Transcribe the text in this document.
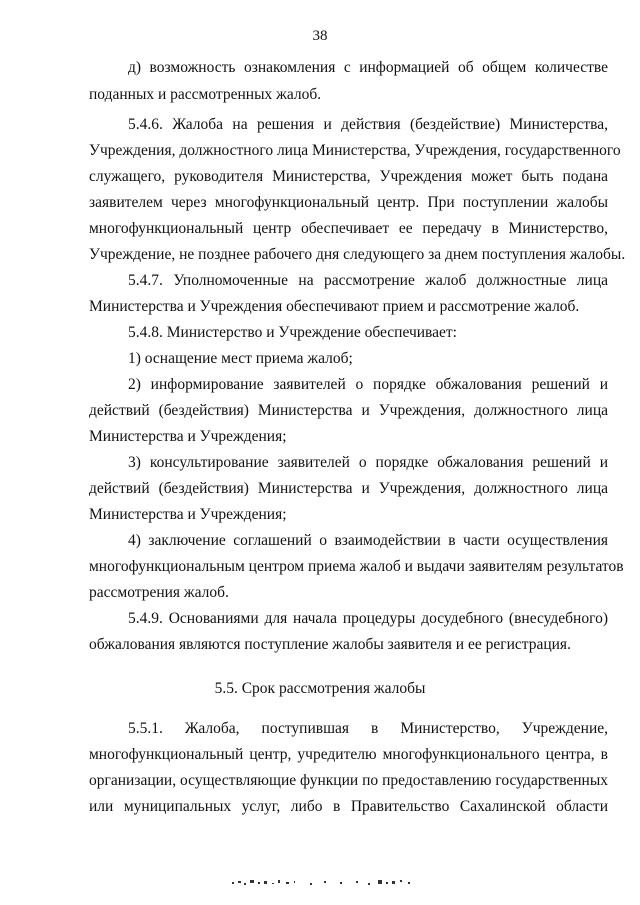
38
д) возможность ознакомления с информацией об общем количестве
поданных и рассмотренных жалоб.
5.4.6. Жалоба на решения и действия (бездействие) Министерства,
Учреждения, должностного лица Министерства, Учреждения, государственного
служащего, руководителя Министерства, Учреждения может быть подана
заявителем через многофункциональный центр. При поступлении жалобы
многофункциональный центр обеспечивает ее передачу в Министерство,
Учреждение, не позднее рабочего дня следующего за днем поступления жалобы.
5.4.7. Уполномоченные на рассмотрение жалоб должностные лица
Министерства и Учреждения обеспечивают прием и рассмотрение жалоб.
5.4.8. Министерство и Учреждение обеспечивает:
1) оснащение мест приема жалоб;
2) информирование заявителей о порядке обжалования решений и
действий (бездействия) Министерства и Учреждения, должностного лица
Министерства и Учреждения;
3) консультирование заявителей о порядке обжалования решений и
действий (бездействия) Министерства и Учреждения, должностного лица
Министерства и Учреждения;
4) заключение соглашений о взаимодействии в части осуществления
многофункциональным центром приема жалоб и выдачи заявителям результатов
рассмотрения жалоб.
5.4.9. Основаниями для начала процедуры досудебного (внесудебного)
обжалования являются поступление жалобы заявителя и ее регистрация.
5.5. Срок рассмотрения жалобы
5.5.1. Жалоба, поступившая в Министерство, Учреждение,
многофункциональный центр, учредителю многофункционального центра, в
организации, осуществляющие функции по предоставлению государственных
или муниципальных услуг, либо в Правительство Сахалинской области
